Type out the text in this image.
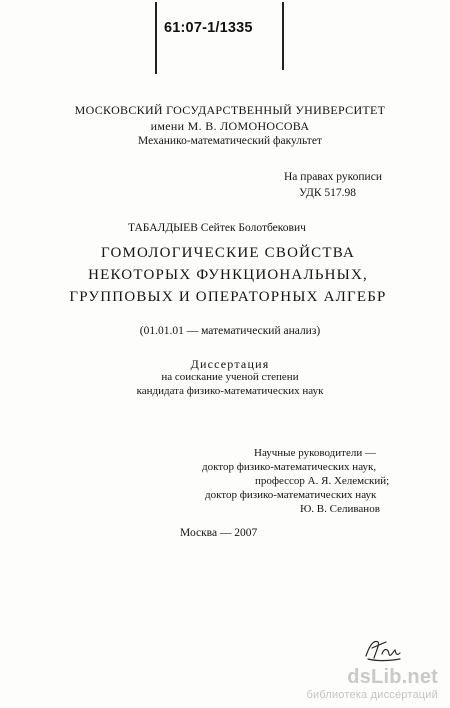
61:07-1/1335
МОСКОВСКИЙ ГОСУДАРСТВЕННЫЙ УНИВЕРСИТЕТ
имени М. В. ЛОМОНОСОВА
Механико-математический факультет
На правах рукописи
УДК 517.98
ТАБАЛДЫЕВ Сейтек Болотбекович
ГОМОЛОГИЧЕСКИЕ СВОЙСТВА
НЕКОТОРЫХ ФУНКЦИОНАЛЬНЫХ,
ГРУППОВЫХ И ОПЕРАТОРНЫХ АЛГЕБР
(01.01.01 — математический анализ)
Диссертация
на соискание ученой степени
кандидата физико-математических наук
Научные руководители —
доктор физико-математических наук,
профессор А. Я. Хелемский;
доктор физико-математических наук
Ю. В. Селиванов
Москва — 2007
dsLib.net
библиотека диссертаций
